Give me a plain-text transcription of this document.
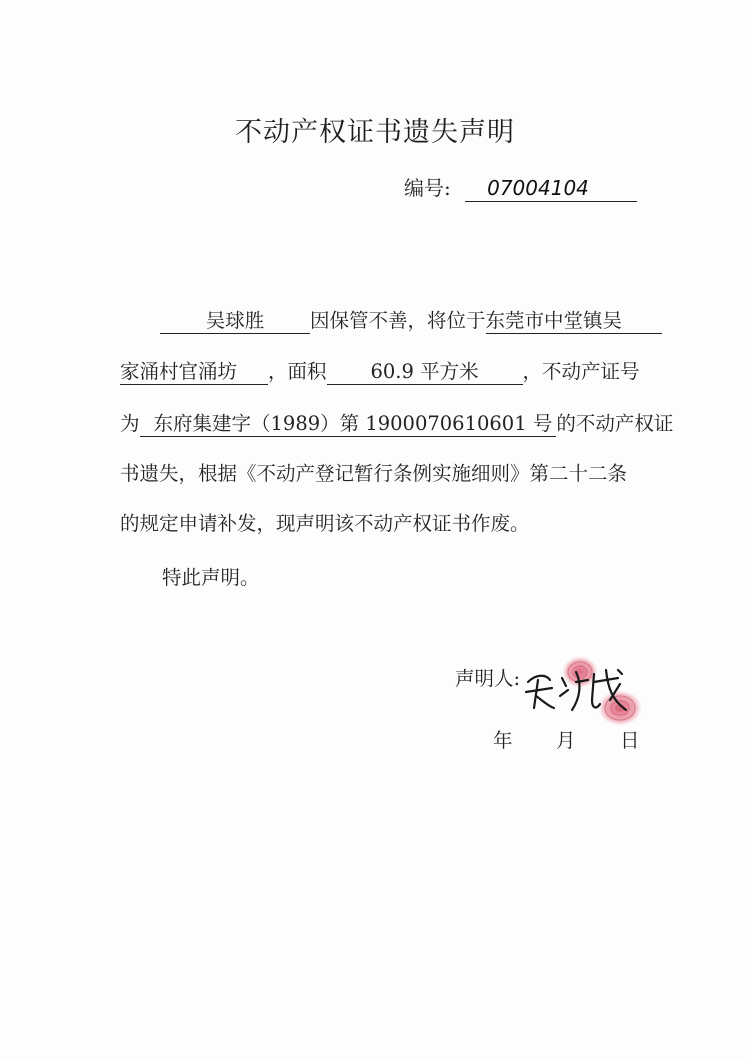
不动产权证书遗失声明
编号: 07004104
吴球胜 因保管不善，将位于东莞市中堂镇吴
家涌村官涌坊 ，面积 60.9 平方米 ，不动产证号
为 东府集建字（1989）第 1900070610601 号 的不动产权证
书遗失，根据《不动产登记暂行条例实施细则》第二十二条
的规定申请补发，现声明该不动产权证书作废。
特此声明。
声明人:
年 月 日
